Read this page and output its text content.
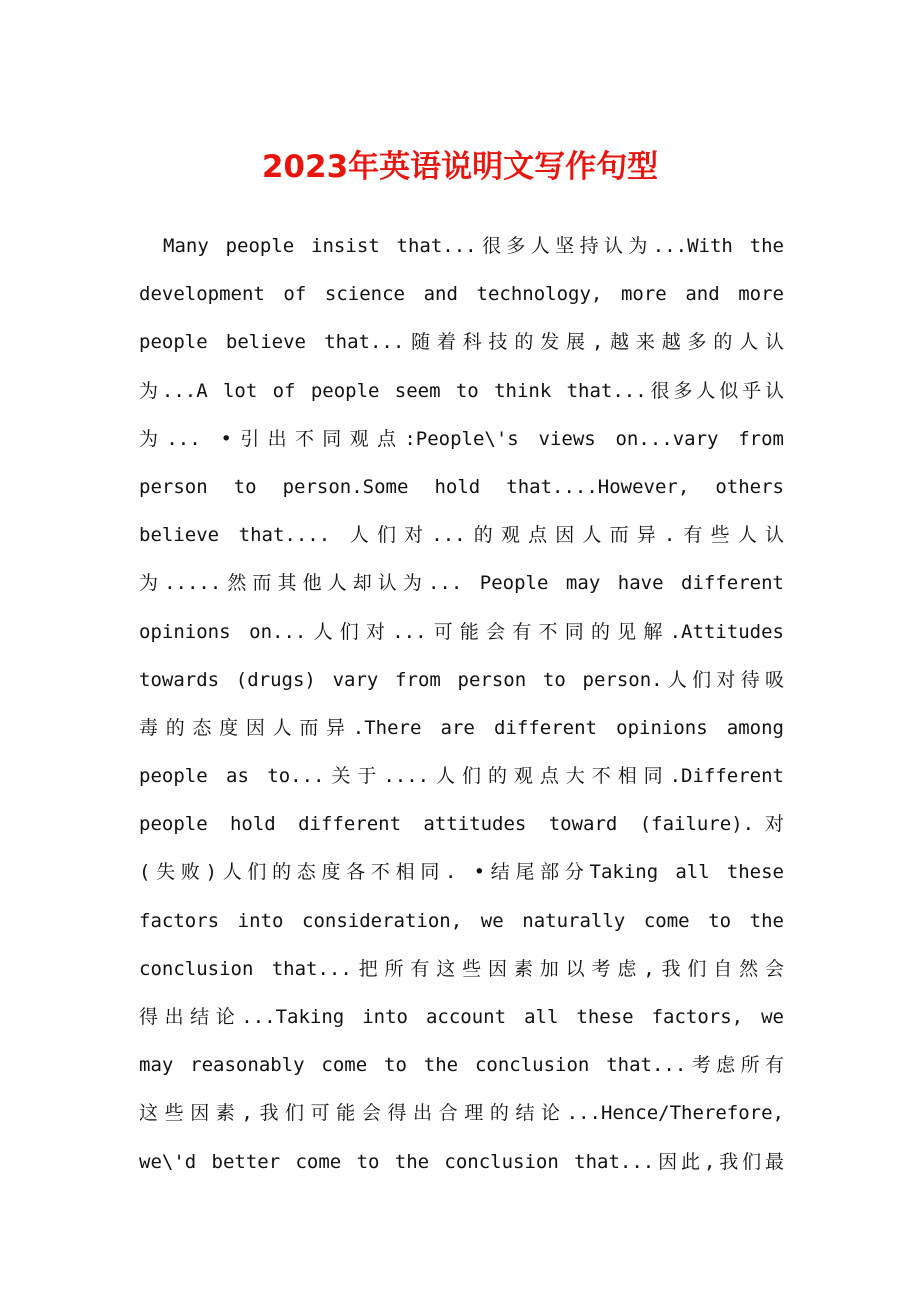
2023年英语说明文写作句型
Many people insist that...很多人坚持认为...With the
development of science and technology, more and more
people believe that...随着科技的发展,越来越多的人认
为...A lot of people seem to think that...很多人似乎认
为... •引出不同观点:People\'s views on...vary from
person to person.Some hold that....However, others
believe that.... 人们对...的观点因人而异.有些人认
为.....然而其他人却认为... People may have different
opinions on...人们对...可能会有不同的见解.Attitudes
towards (drugs) vary from person to person.人们对待吸
毒的态度因人而异.There are different opinions among
people as to...关于....人们的观点大不相同.Different
people hold different attitudes toward (failure).对
(失败)人们的态度各不相同. •结尾部分Taking all these
factors into consideration, we naturally come to the
conclusion that...把所有这些因素加以考虑,我们自然会
得出结论...Taking into account all these factors, we
may reasonably come to the conclusion that...考虑所有
这些因素,我们可能会得出合理的结论...Hence/Therefore,
we\'d better come to the conclusion that...因此,我们最
